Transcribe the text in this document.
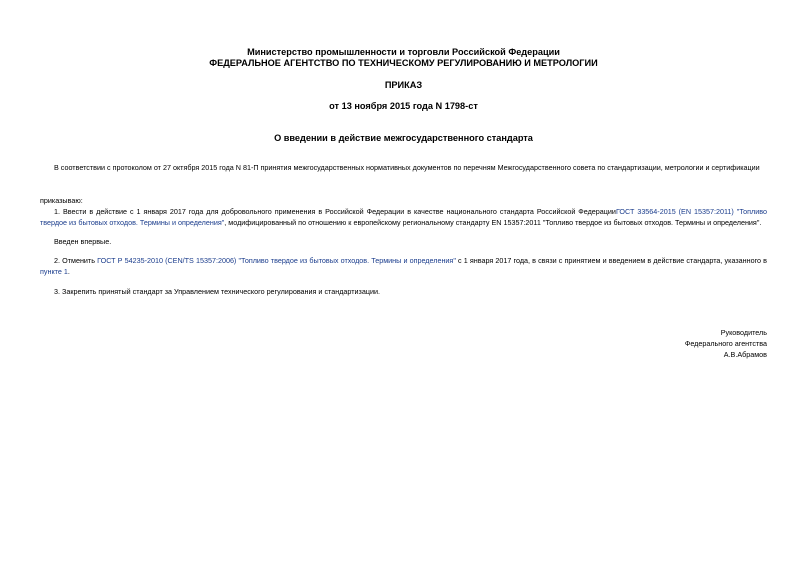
Министерство промышленности и торговли Российской Федерации
ФЕДЕРАЛЬНОЕ АГЕНТСТВО ПО ТЕХНИЧЕСКОМУ РЕГУЛИРОВАНИЮ И МЕТРОЛОГИИ
ПРИКАЗ
от 13 ноября 2015 года N 1798-ст
О введении в действие межгосударственного стандарта
В соответствии с протоколом от 27 октября 2015 года N 81-П принятия межгосударственных нормативных документов по перечням Межгосударственного совета по стандартизации, метрологии и сертификации
приказываю:
1. Ввести в действие с 1 января 2017 года для добровольного применения в Российской Федерации в качестве национального стандарта Российской ФедерацииГОСТ 33564-2015 (EN 15357:2011) "Топливо твердое из бытовых отходов. Термины и определения", модифицированный по отношению к европейскому региональному стандарту EN 15357:2011 "Топливо твердое из бытовых отходов. Термины и определения".
Введен впервые.
2. Отменить ГОСТ Р 54235-2010 (CEN/TS 15357:2006) "Топливо твердое из бытовых отходов. Термины и определения" с 1 января 2017 года, в связи с принятием и введением в действие стандарта, указанного в пункте 1.
3. Закрепить принятый стандарт за Управлением технического регулирования и стандартизации.
Руководитель
Федерального агентства
А.В.Абрамов
